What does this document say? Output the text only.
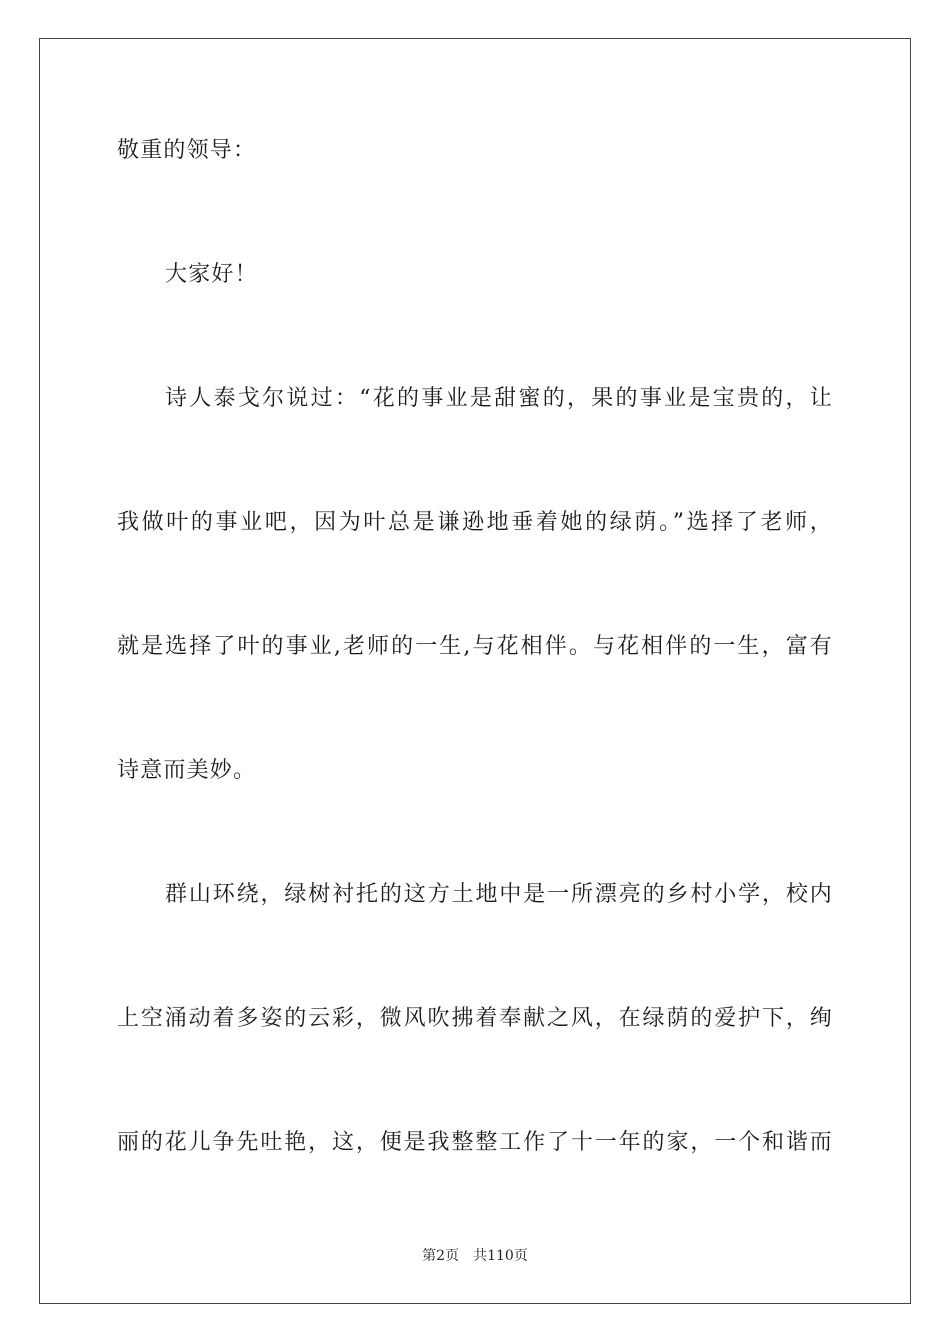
敬重的领导：
大家好！
诗人泰戈尔说过：“花的事业是甜蜜的，果的事业是宝贵的，让
我做叶的事业吧，因为叶总是谦逊地垂着她的绿荫。”选择了老师，
就是选择了叶的事业,老师的一生,与花相伴。与花相伴的一生，富有
诗意而美妙。
群山环绕，绿树衬托的这方土地中是一所漂亮的乡村小学，校内
上空涌动着多姿的云彩，微风吹拂着奉献之风，在绿荫的爱护下，绚
丽的花儿争先吐艳，这，便是我整整工作了十一年的家，一个和谐而
第2页 共110页
